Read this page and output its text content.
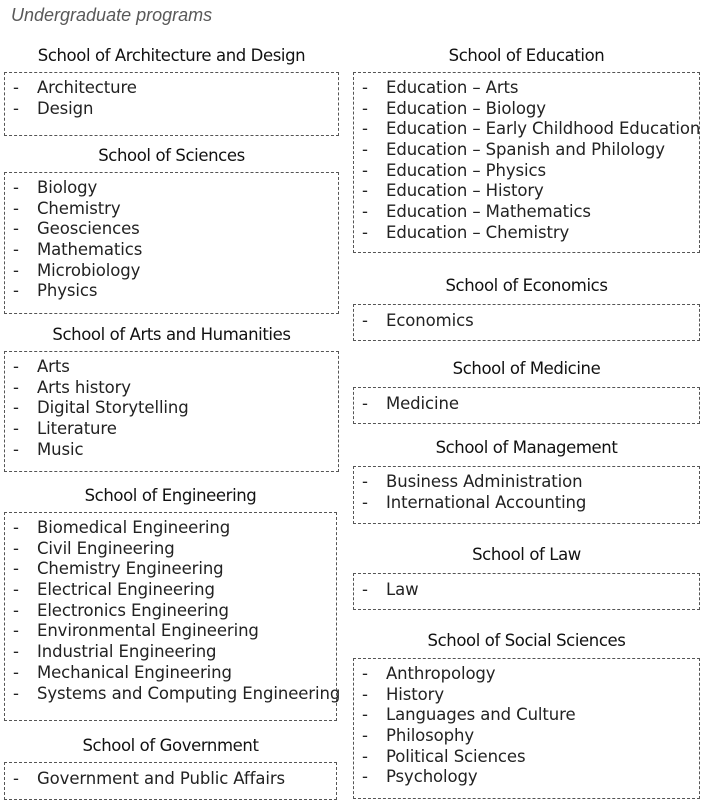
Undergraduate programs
School of Architecture and Design
- Architecture
- Design
School of Sciences
- Biology
- Chemistry
- Geosciences
- Mathematics
- Microbiology
- Physics
School of Arts and Humanities
- Arts
- Arts history
- Digital Storytelling
- Literature
- Music
School of Engineering
- Biomedical Engineering
- Civil Engineering
- Chemistry Engineering
- Electrical Engineering
- Electronics Engineering
- Environmental Engineering
- Industrial Engineering
- Mechanical Engineering
- Systems and Computing Engineering
School of Government
- Government and Public Affairs
School of Education
- Education – Arts
- Education – Biology
- Education – Early Childhood Education
- Education – Spanish and Philology
- Education – Physics
- Education – History
- Education – Mathematics
- Education – Chemistry
School of Economics
- Economics
School of Medicine
- Medicine
School of Management
- Business Administration
- International Accounting
School of Law
- Law
School of Social Sciences
- Anthropology
- History
- Languages and Culture
- Philosophy
- Political Sciences
- Psychology
